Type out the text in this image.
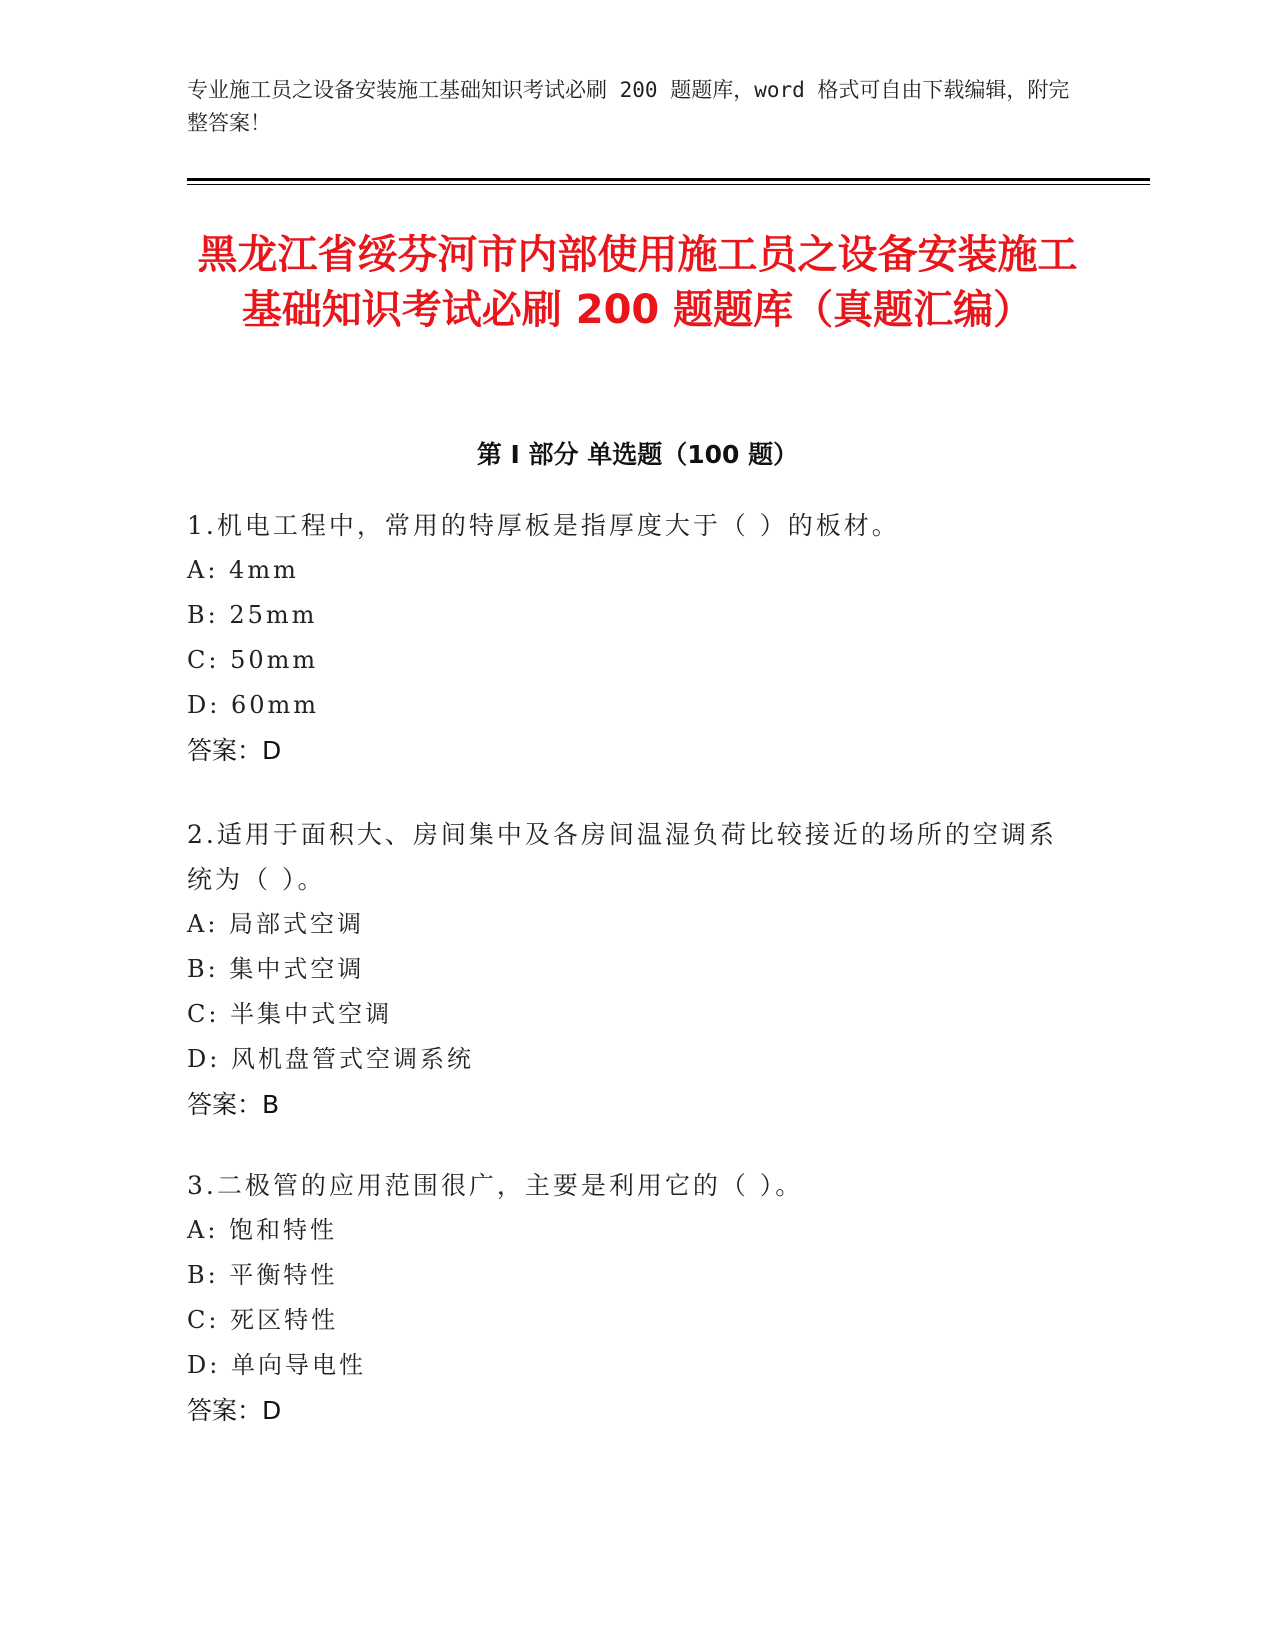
专业施工员之设备安装施工基础知识考试必刷 200 题题库，word 格式可自由下载编辑，附完整答案！
黑龙江省绥芬河市内部使用施工员之设备安装施工基础知识考试必刷 200 题题库（真题汇编）
第 I 部分 单选题（100 题）
1.机电工程中，常用的特厚板是指厚度大于（ ）的板材。
A: 4mm
B: 25mm
C: 50mm
D: 60mm
答案：D
2.适用于面积大、房间集中及各房间温湿负荷比较接近的场所的空调系统为（ ）。
A: 局部式空调
B: 集中式空调
C: 半集中式空调
D: 风机盘管式空调系统
答案：B
3.二极管的应用范围很广，主要是利用它的（ ）。
A: 饱和特性
B: 平衡特性
C: 死区特性
D: 单向导电性
答案：D
